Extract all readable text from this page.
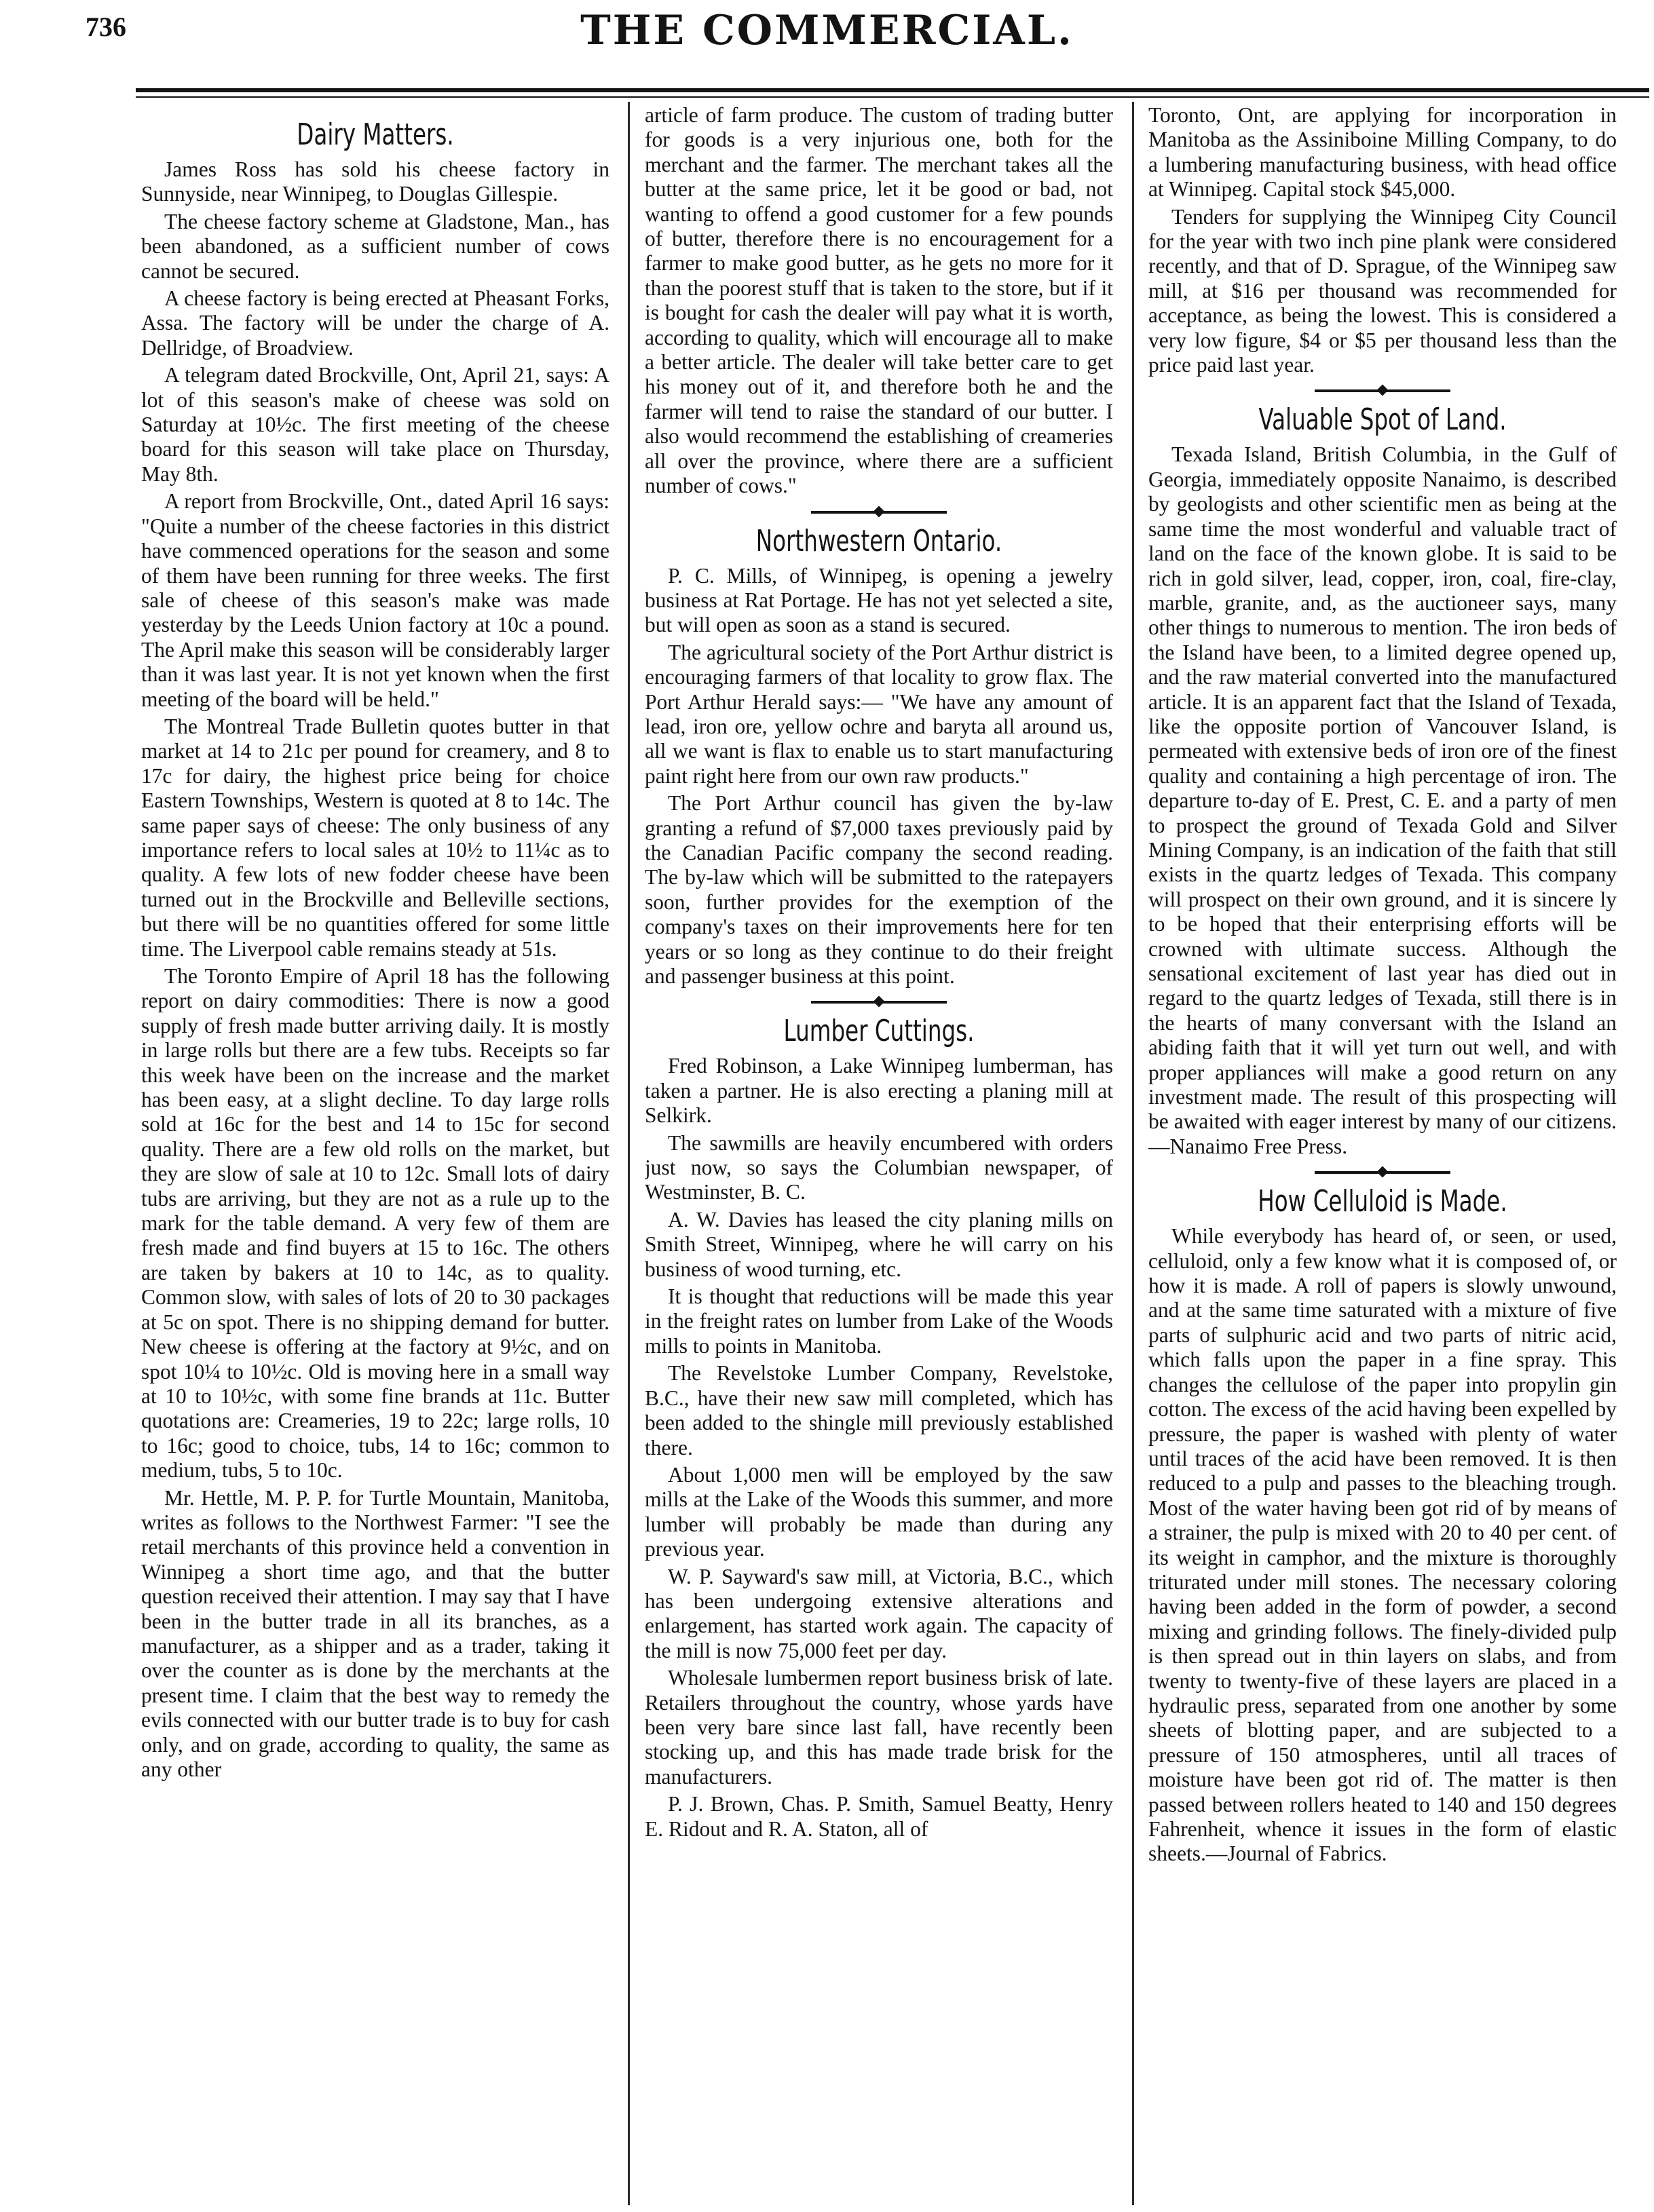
736	THE COMMERCIAL.
Dairy Matters.

James Ross has sold his cheese factory in Sunnyside, near Winnipeg, to Douglas Gillespie.

The cheese factory scheme at Gladstone, Man., has been abandoned, as a sufficient number of cows cannot be secured.

A cheese factory is being erected at Pheasant Forks, Assa. The factory will be under the charge of A. Dellridge, of Broadview.

A telegram dated Brockville, Ont, April 21, says: A lot of this season's make of cheese was sold on Saturday at 10½c. The first meeting of the cheese board for this season will take place on Thursday, May 8th.

A report from Brockville, Ont., dated April 16 says: "Quite a number of the cheese factories in this district have commenced operations for the season and some of them have been running for three weeks. The first sale of cheese of this season's make was made yesterday by the Leeds Union factory at 10c a pound. The April make this season will be considerably larger than it was last year. It is not yet known when the first meeting of the board will be held."

The Montreal Trade Bulletin quotes butter in that market at 14 to 21c per pound for creamery, and 8 to 17c for dairy, the highest price being for choice Eastern Townships, Western is quoted at 8 to 14c. The same paper says of cheese: The only business of any importance refers to local sales at 10½ to 11¼c as to quality. A few lots of new fodder cheese have been turned out in the Brockville and Belleville sections, but there will be no quantities offered for some little time. The Liverpool cable remains steady at 51s.

The Toronto Empire of April 18 has the following report on dairy commodities: There is now a good supply of fresh made butter arriving daily. It is mostly in large rolls but there are a few tubs. Receipts so far this week have been on the increase and the market has been easy, at a slight decline. To day large rolls sold at 16c for the best and 14 to 15c for second quality. There are a few old rolls on the market, but they are slow of sale at 10 to 12c. Small lots of dairy tubs are arriving, but they are not as a rule up to the mark for the table demand. A very few of them are fresh made and find buyers at 15 to 16c. The others are taken by bakers at 10 to 14c, as to quality. Common slow, with sales of lots of 20 to 30 packages at 5c on spot. There is no shipping demand for butter. New cheese is offering at the factory at 9½c, and on spot 10¼ to 10½c. Old is moving here in a small way at 10 to 10½c, with some fine brands at 11c. Butter quotations are: Creameries, 19 to 22c; large rolls, 10 to 16c; good to choice, tubs, 14 to 16c; common to medium, tubs, 5 to 10c.

Mr. Hettle, M. P. P. for Turtle Mountain, Manitoba, writes as follows to the Northwest Farmer: "I see the retail merchants of this province held a convention in Winnipeg a short time ago, and that the butter question received their attention. I may say that I have been in the butter trade in all its branches, as a manufacturer, as a shipper and as a trader, taking it over the counter as is done by the merchants at the present time. I claim that the best way to remedy the evils connected with our butter trade is to buy for cash only, and on grade, according to quality, the same as any other

article of farm produce. The custom of trading butter for goods is a very injurious one, both for the merchant and the farmer. The merchant takes all the butter at the same price, let it be good or bad, not wanting to offend a good customer for a few pounds of butter, therefore there is no encouragement for a farmer to make good butter, as he gets no more for it than the poorest stuff that is taken to the store, but if it is bought for cash the dealer will pay what it is worth, according to quality, which will encourage all to make a better article. The dealer will take better care to get his money out of it, and therefore both he and the farmer will tend to raise the standard of our butter. I also would recommend the establishing of creameries all over the province, where there are a sufficient number of cows."

Northwestern Ontario.

P. C. Mills, of Winnipeg, is opening a jewelry business at Rat Portage. He has not yet selected a site, but will open as soon as a stand is secured.

The agricultural society of the Port Arthur district is encouraging farmers of that locality to grow flax. The Port Arthur Herald says:— "We have any amount of lead, iron ore, yellow ochre and baryta all around us, all we want is flax to enable us to start manufacturing paint right here from our own raw products."

The Port Arthur council has given the by-law granting a refund of $7,000 taxes previously paid by the Canadian Pacific company the second reading. The by-law which will be submitted to the ratepayers soon, further provides for the exemption of the company's taxes on their improvements here for ten years or so long as they continue to do their freight and passenger business at this point.

Lumber Cuttings.

Fred Robinson, a Lake Winnipeg lumberman, has taken a partner. He is also erecting a planing mill at Selkirk.

The sawmills are heavily encumbered with orders just now, so says the Columbian newspaper, of Westminster, B. C.

A. W. Davies has leased the city planing mills on Smith Street, Winnipeg, where he will carry on his business of wood turning, etc.

It is thought that reductions will be made this year in the freight rates on lumber from Lake of the Woods mills to points in Manitoba.

The Revelstoke Lumber Company, Revelstoke, B.C., have their new saw mill completed, which has been added to the shingle mill previously established there.

About 1,000 men will be employed by the saw mills at the Lake of the Woods this summer, and more lumber will probably be made than during any previous year.

W. P. Sayward's saw mill, at Victoria, B.C., which has been undergoing extensive alterations and enlargement, has started work again. The capacity of the mill is now 75,000 feet per day.

Wholesale lumbermen report business brisk of late. Retailers throughout the country, whose yards have been very bare since last fall, have recently been stocking up, and this has made trade brisk for the manufacturers.

P. J. Brown, Chas. P. Smith, Samuel Beatty, Henry E. Ridout and R. A. Staton, all of

Toronto, Ont, are applying for incorporation in Manitoba as the Assiniboine Milling Company, to do a lumbering manufacturing business, with head office at Winnipeg. Capital stock $45,000.

Tenders for supplying the Winnipeg City Council for the year with two inch pine plank were considered recently, and that of D. Sprague, of the Winnipeg saw mill, at $16 per thousand was recommended for acceptance, as being the lowest. This is considered a very low figure, $4 or $5 per thousand less than the price paid last year.

Valuable Spot of Land.

Texada Island, British Columbia, in the Gulf of Georgia, immediately opposite Nanaimo, is described by geologists and other scientific men as being at the same time the most wonderful and valuable tract of land on the face of the known globe. It is said to be rich in gold silver, lead, copper, iron, coal, fire-clay, marble, granite, and, as the auctioneer says, many other things to numerous to mention. The iron beds of the Island have been, to a limited degree opened up, and the raw material converted into the manufactured article. It is an apparent fact that the Island of Texada, like the opposite portion of Vancouver Island, is permeated with extensive beds of iron ore of the finest quality and containing a high percentage of iron. The departure to-day of E. Prest, C. E. and a party of men to prospect the ground of Texada Gold and Silver Mining Company, is an indication of the faith that still exists in the quartz ledges of Texada. This company will prospect on their own ground, and it is sincere ly to be hoped that their enterprising efforts will be crowned with ultimate success. Although the sensational excitement of last year has died out in regard to the quartz ledges of Texada, still there is in the hearts of many conversant with the Island an abiding faith that it will yet turn out well, and with proper appliances will make a good return on any investment made. The result of this prospecting will be awaited with eager interest by many of our citizens.—Nanaimo Free Press.

How Celluloid is Made.

While everybody has heard of, or seen, or used, celluloid, only a few know what it is composed of, or how it is made. A roll of papers is slowly unwound, and at the same time saturated with a mixture of five parts of sulphuric acid and two parts of nitric acid, which falls upon the paper in a fine spray. This changes the cellulose of the paper into propylin gin cotton. The excess of the acid having been expelled by pressure, the paper is washed with plenty of water until traces of the acid have been removed. It is then reduced to a pulp and passes to the bleaching trough. Most of the water having been got rid of by means of a strainer, the pulp is mixed with 20 to 40 per cent. of its weight in camphor, and the mixture is thoroughly triturated under mill stones. The necessary coloring having been added in the form of powder, a second mixing and grinding follows. The finely-divided pulp is then spread out in thin layers on slabs, and from twenty to twenty-five of these layers are placed in a hydraulic press, separated from one another by some sheets of blotting paper, and are subjected to a pressure of 150 atmospheres, until all traces of moisture have been got rid of. The matter is then passed between rollers heated to 140 and 150 degrees Fahrenheit, whence it issues in the form of elastic sheets.—Journal of Fabrics.
